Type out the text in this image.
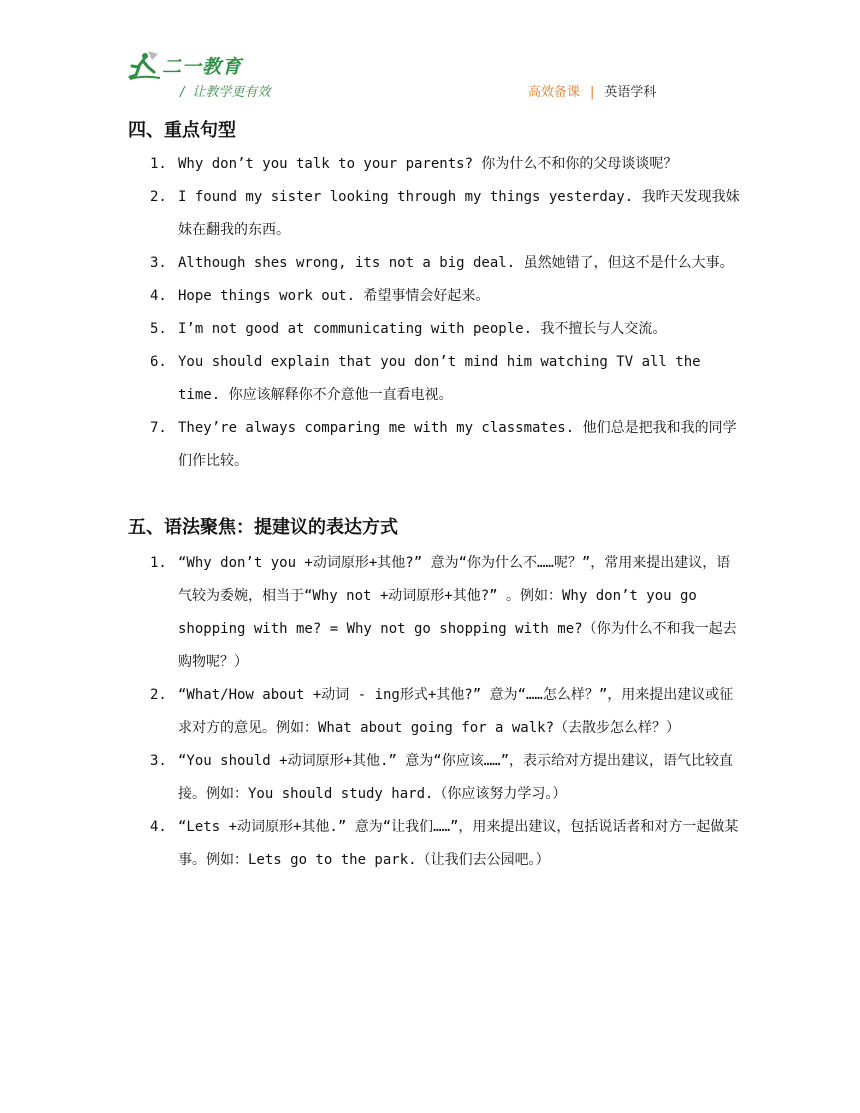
二一教育
/ 让教学更有效	高效备课 | 英语学科
四、重点句型
1. Why don’t you talk to your parents? 你为什么不和你的父母谈谈呢？
2. I found my sister looking through my things yesterday. 我昨天发现我妹妹在翻我的东西。
3. Although shes wrong, its not a big deal. 虽然她错了，但这不是什么大事。
4. Hope things work out. 希望事情会好起来。
5. I’m not good at communicating with people. 我不擅长与人交流。
6. You should explain that you don’t mind him watching TV all the time. 你应该解释你不介意他一直看电视。
7. They’re always comparing me with my classmates. 他们总是把我和我的同学们作比较。
五、语法聚焦：提建议的表达方式
1. “Why don’t you +动词原形+其他?” 意为“你为什么不……呢？”，常用来提出建议，语气较为委婉，相当于“Why not +动词原形+其他?” 。例如：Why don’t you go shopping with me? = Why not go shopping with me?（你为什么不和我一起去购物呢？）
2. “What/How about +动词 - ing形式+其他?” 意为“……怎么样？”，用来提出建议或征求对方的意见。例如：What about going for a walk?（去散步怎么样？）
3. “You should +动词原形+其他.” 意为“你应该……”，表示给对方提出建议，语气比较直接。例如：You should study hard.（你应该努力学习。）
4. “Lets +动词原形+其他.” 意为“让我们……”，用来提出建议，包括说话者和对方一起做某事。例如：Lets go to the park.（让我们去公园吧。）
